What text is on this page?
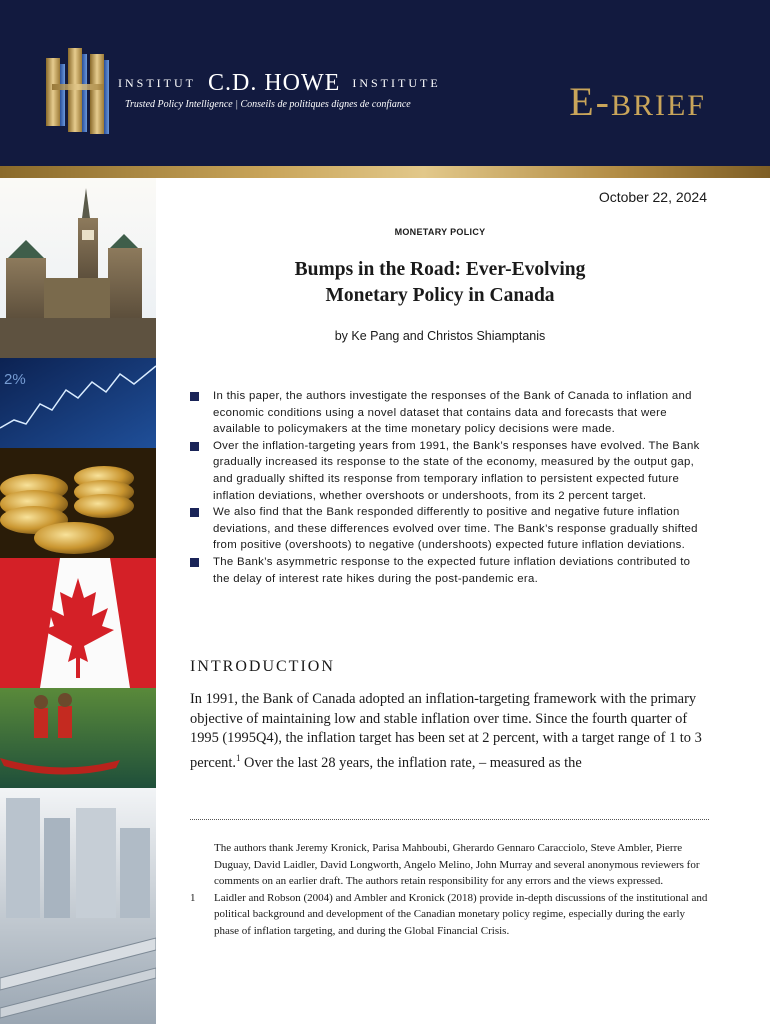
INSTITUT C.D. HOWE INSTITUTE
Trusted Policy Intelligence | Conseils de politiques dignes de confiance	E-BRIEF
2%
October 22, 2024
MONETARY POLICY
Bumps in the Road: Ever-Evolving
Monetary Policy in Canada
by Ke Pang and Christos Shiamptanis
In this paper, the authors investigate the responses of the Bank of Canada to inflation and economic conditions using a novel dataset that contains data and forecasts that were available to policymakers at the time monetary policy decisions were made.
Over the inflation-targeting years from 1991, the Bank’s responses have evolved. The Bank gradually increased its response to the state of the economy, measured by the output gap, and gradually shifted its response from temporary inflation to persistent expected future inflation deviations, whether overshoots or undershoots, from its 2 percent target.
We also find that the Bank responded differently to positive and negative future inflation deviations, and these differences evolved over time. The Bank’s response gradually shifted from positive (overshoots) to negative (undershoots) expected future inflation deviations.
The Bank’s asymmetric response to the expected future inflation deviations contributed to the delay of interest rate hikes during the post-pandemic era.
INTRODUCTION
In 1991, the Bank of Canada adopted an inflation-targeting framework with the primary objective of maintaining low and stable inflation over time. Since the fourth quarter of 1995 (1995Q4), the inflation target has been set at 2 percent, with a target range of 1 to 3 percent.$^1$ Over the last 28 years, the inflation rate, – measured as the
The authors thank Jeremy Kronick, Parisa Mahboubi, Gherardo Gennaro Caracciolo, Steve Ambler, Pierre Duguay, David Laidler, David Longworth, Angelo Melino, John Murray and several anonymous reviewers for comments on an earlier draft. The authors retain responsibility for any errors and the views expressed.
1 Laidler and Robson (2004) and Ambler and Kronick (2018) provide in-depth discussions of the institutional and political background and development of the Canadian monetary policy regime, especially during the early phase of inflation targeting, and during the Global Financial Crisis.
